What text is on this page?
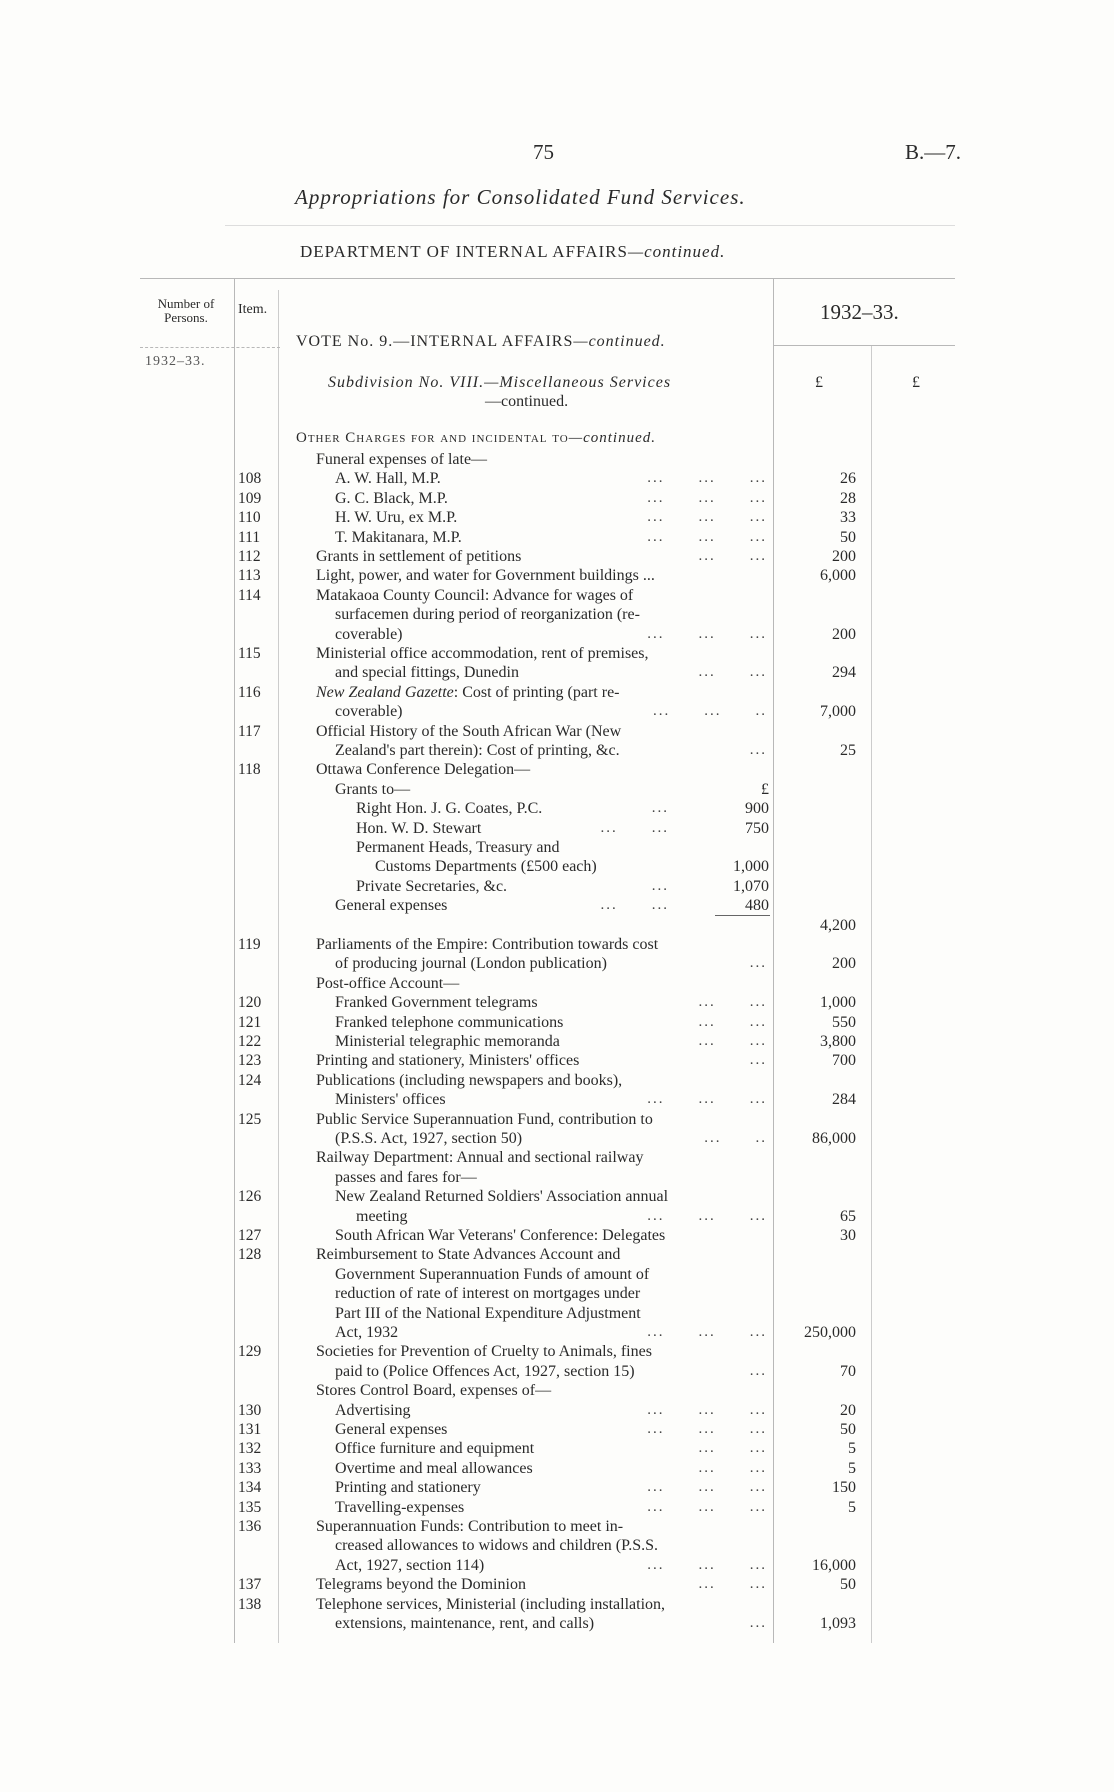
75	B.—7.
Appropriations for Consolidated Fund Services.
DEPARTMENT OF INTERNAL AFFAIRS—continued.
Number of Persons.
1932–33.
Item.	1932–33.
£	£
VOTE No. 9.—INTERNAL AFFAIRS—continued.
Subdivision No. VIII.—Miscellaneous Services
—continued.
Other Charges for and incidental to—continued.
Funeral expenses of late—
108	A. W. Hall, M.P.	...  ...  ...	26
109	G. C. Black, M.P.	...  ...  ...	28
110	H. W. Uru, ex M.P.	...  ...  ...	33
111	T. Makitanara, M.P.	...  ...  ...	50
112	Grants in settlement of petitions	...  ...	200
113	Light, power, and water for Government buildings ...	6,000
114	Matakaoa County Council: Advance for wages of
surfacemen during period of reorganization (re-
coverable)	...  ...  ...	200
115	Ministerial office accommodation, rent of premises,
and special fittings, Dunedin	...  ...	294
116	New Zealand Gazette: Cost of printing (part re-
coverable)	...  ...  ..	7,000
117	Official History of the South African War (New
Zealand's part therein): Cost of printing, &c.	...	25
118	Ottawa Conference Delegation—
Grants to—	£
Right Hon. J. G. Coates, P.C.	...	900
Hon. W. D. Stewart	...  ...	750
Permanent Heads, Treasury and
Customs Departments (£500 each)	1,000
Private Secretaries, &c.	...	1,070
General expenses	...  ...	480
4,200
119	Parliaments of the Empire: Contribution towards cost
of producing journal (London publication)	...	200
Post-office Account—
120	Franked Government telegrams	...  ...	1,000
121	Franked telephone communications	...  ...	550
122	Ministerial telegraphic memoranda	...  ...	3,800
123	Printing and stationery, Ministers' offices	...	700
124	Publications (including newspapers and books),
Ministers' offices	...  ...  ...	284
125	Public Service Superannuation Fund, contribution to
(P.S.S. Act, 1927, section 50)	...  ..	86,000
Railway Department: Annual and sectional railway
passes and fares for—
126	New Zealand Returned Soldiers' Association annual
meeting	...  ...  ...	65
127	South African War Veterans' Conference: Delegates	30
128	Reimbursement to State Advances Account and
Government Superannuation Funds of amount of
reduction of rate of interest on mortgages under
Part III of the National Expenditure Adjustment
Act, 1932	...  ...  ... 250,000
129	Societies for Prevention of Cruelty to Animals, fines
paid to (Police Offences Act, 1927, section 15)	...	70
Stores Control Board, expenses of—
130	Advertising	...  ...  ...	20
131	General expenses	...  ...  ...	50
132	Office furniture and equipment	...  ...	5
133	Overtime and meal allowances	...  ...	5
134	Printing and stationery	...  ...  ...	150
135	Travelling-expenses	...  ...  ...	5
136	Superannuation Funds: Contribution to meet in-
creased allowances to widows and children (P.S.S.
Act, 1927, section 114)	...  ...  ...	16,000
137	Telegrams beyond the Dominion	...  ...	50
138	Telephone services, Ministerial (including installation,
extensions, maintenance, rent, and calls)	...	1,093
